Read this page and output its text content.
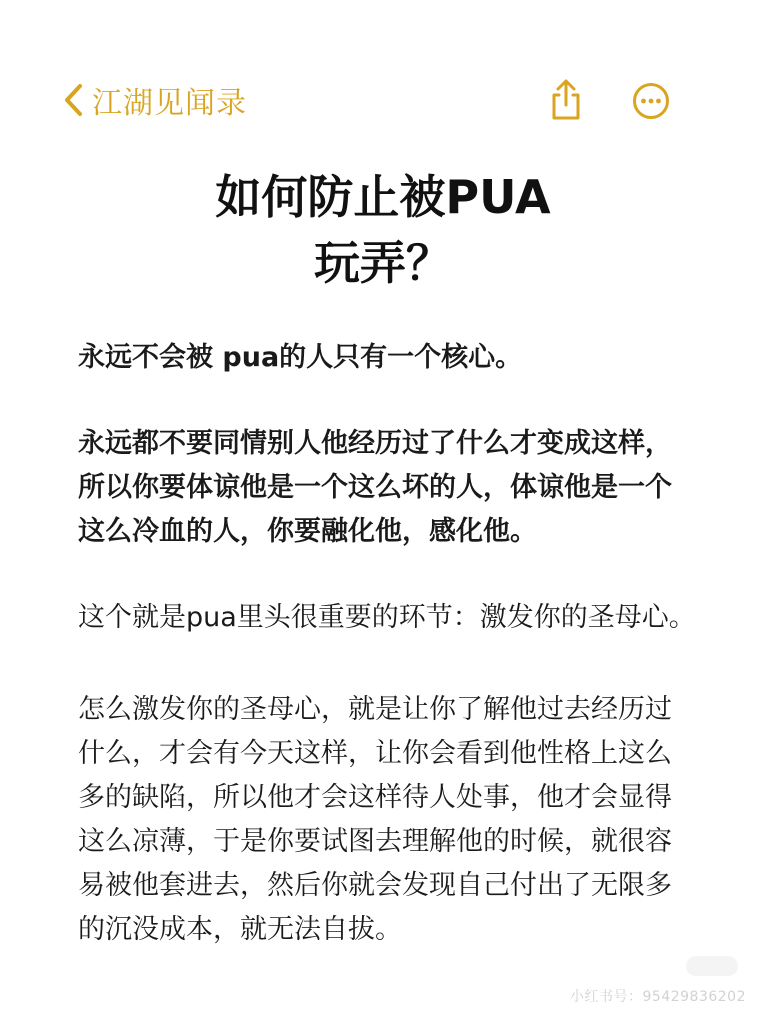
江湖见闻录
如何防止被PUA
玩弄？

永远不会被 pua的人只有一个核心。

永远都不要同情别人他经历过了什么才变成这样，所以你要体谅他是一个这么坏的人，体谅他是一个这么冷血的人，你要融化他，感化他。

这个就是pua里头很重要的环节：激发你的圣母心。

怎么激发你的圣母心，就是让你了解他过去经历过什么，才会有今天这样，让你会看到他性格上这么多的缺陷，所以他才会这样待人处事，他才会显得这么凉薄，于是你要试图去理解他的时候，就很容易被他套进去，然后你就会发现自己付出了无限多的沉没成本，就无法自拔。

小红书号：95429836202
